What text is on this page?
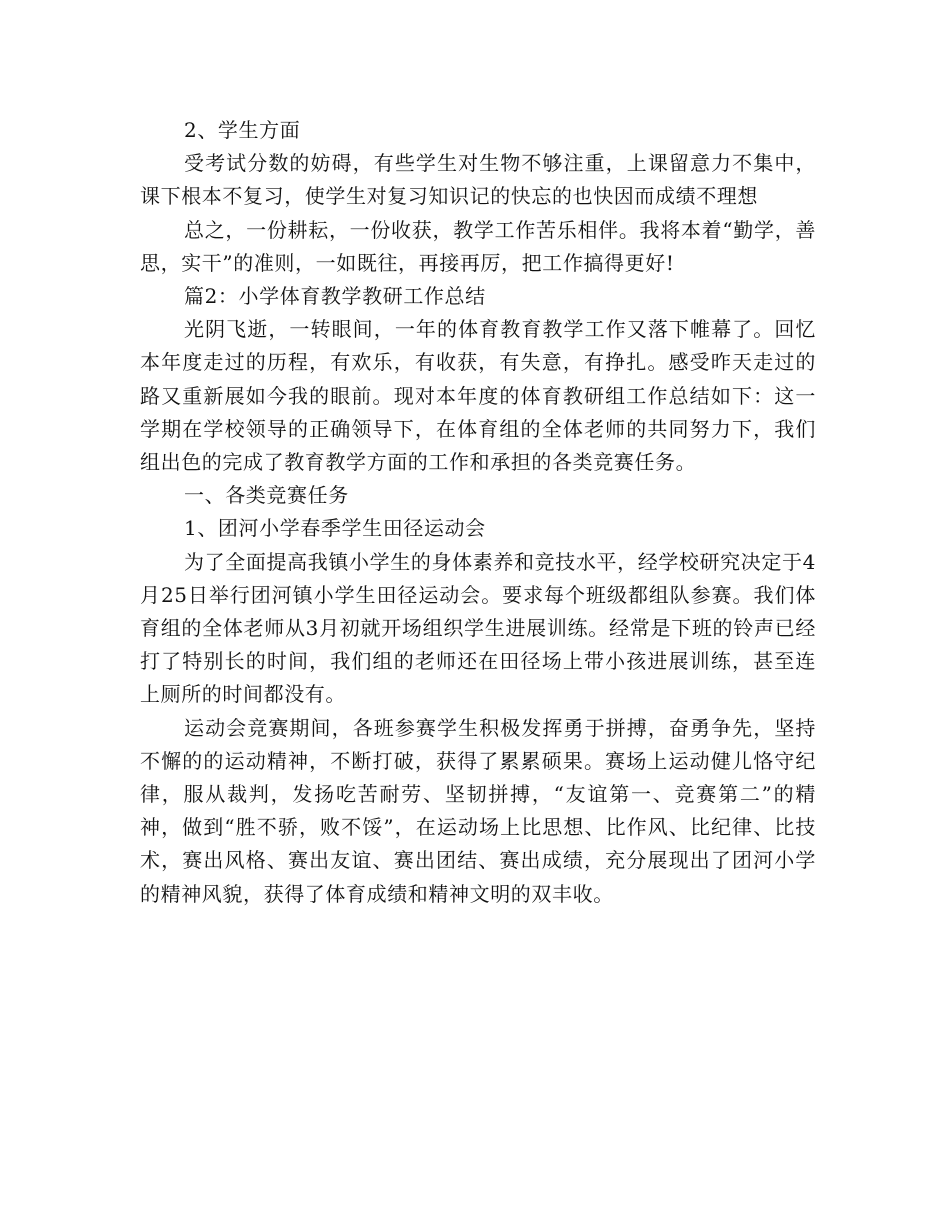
2、学生方面

受考试分数的妨碍，有些学生对生物不够注重，上课留意力不集中，课下根本不复习，使学生对复习知识记的快忘的也快因而成绩不理想

总之，一份耕耘，一份收获，教学工作苦乐相伴。我将本着“勤学，善思，实干”的准则，一如既往，再接再厉，把工作搞得更好!

篇2：小学体育教学教研工作总结

光阴飞逝，一转眼间，一年的体育教育教学工作又落下帷幕了。回忆本年度走过的历程，有欢乐，有收获，有失意，有挣扎。感受昨天走过的路又重新展如今我的眼前。现对本年度的体育教研组工作总结如下：这一学期在学校领导的正确领导下，在体育组的全体老师的共同努力下，我们组出色的完成了教育教学方面的工作和承担的各类竞赛任务。

一、各类竞赛任务

1、团河小学春季学生田径运动会

为了全面提高我镇小学生的身体素养和竞技水平，经学校研究决定于4月25日举行团河镇小学生田径运动会。要求每个班级都组队参赛。我们体育组的全体老师从3月初就开场组织学生进展训练。经常是下班的铃声已经打了特别长的时间，我们组的老师还在田径场上带小孩进展训练，甚至连上厕所的时间都没有。

运动会竞赛期间，各班参赛学生积极发挥勇于拼搏，奋勇争先，坚持不懈的的运动精神，不断打破，获得了累累硕果。赛场上运动健儿恪守纪律，服从裁判，发扬吃苦耐劳、坚韧拼搏，“友谊第一、竞赛第二”的精神，做到“胜不骄，败不馁”，在运动场上比思想、比作风、比纪律、比技术，赛出风格、赛出友谊、赛出团结、赛出成绩，充分展现出了团河小学的精神风貌，获得了体育成绩和精神文明的双丰收。
